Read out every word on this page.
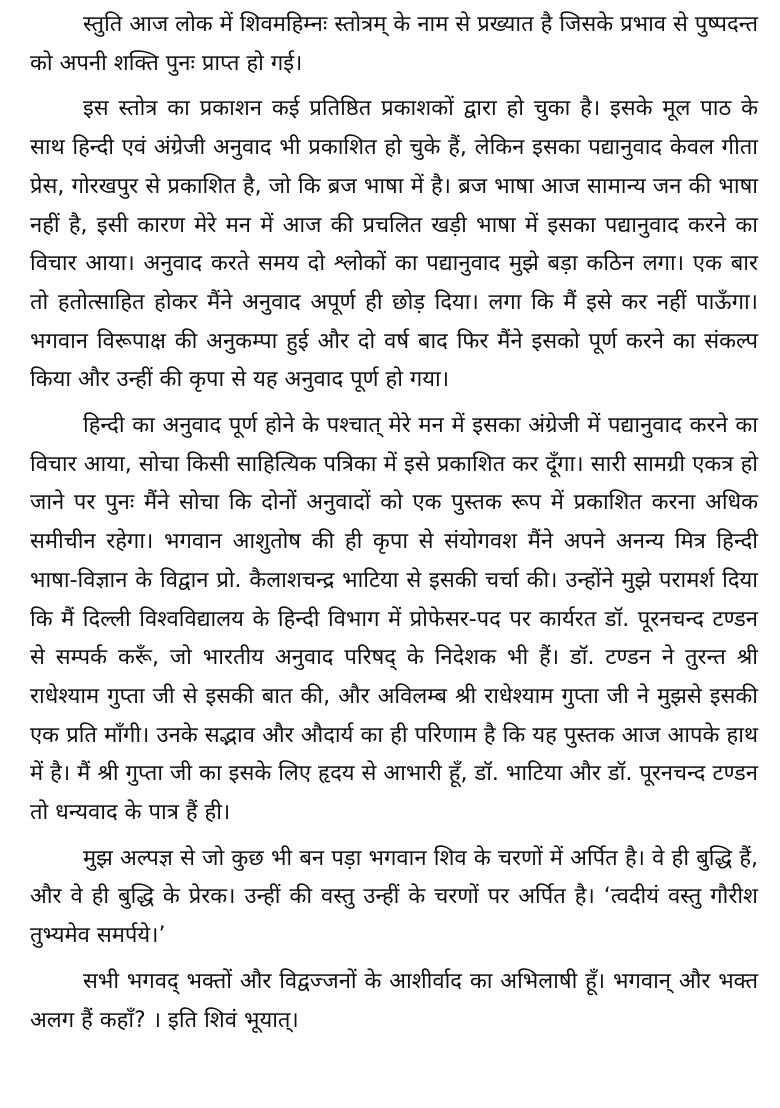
स्तुति आज लोक में शिवमहिम्नः स्तोत्रम् के नाम से प्रख्यात है जिसके प्रभाव से पुष्पदन्त को अपनी शक्ति पुनः प्राप्त हो गई।

इस स्तोत्र का प्रकाशन कई प्रतिष्ठित प्रकाशकों द्वारा हो चुका है। इसके मूल पाठ के साथ हिन्दी एवं अंग्रेजी अनुवाद भी प्रकाशित हो चुके हैं, लेकिन इसका पद्यानुवाद केवल गीता प्रेस, गोरखपुर से प्रकाशित है, जो कि ब्रज भाषा में है। ब्रज भाषा आज सामान्य जन की भाषा नहीं है, इसी कारण मेरे मन में आज की प्रचलित खड़ी भाषा में इसका पद्यानुवाद करने का विचार आया। अनुवाद करते समय दो श्लोकों का पद्यानुवाद मुझे बड़ा कठिन लगा। एक बार तो हतोत्साहित होकर मैंने अनुवाद अपूर्ण ही छोड़ दिया। लगा कि मैं इसे कर नहीं पाऊँगा। भगवान विरूपाक्ष की अनुकम्पा हुई और दो वर्ष बाद फिर मैंने इसको पूर्ण करने का संकल्प किया और उन्हीं की कृपा से यह अनुवाद पूर्ण हो गया।

हिन्दी का अनुवाद पूर्ण होने के पश्चात् मेरे मन में इसका अंग्रेजी में पद्यानुवाद करने का विचार आया, सोचा किसी साहित्यिक पत्रिका में इसे प्रकाशित कर दूँगा। सारी सामग्री एकत्र हो जाने पर पुनः मैंने सोचा कि दोनों अनुवादों को एक पुस्तक रूप में प्रकाशित करना अधिक समीचीन रहेगा। भगवान आशुतोष की ही कृपा से संयोगवश मैंने अपने अनन्य मित्र हिन्दी भाषा-विज्ञान के विद्वान प्रो. कैलाशचन्द्र भाटिया से इसकी चर्चा की। उन्होंने मुझे परामर्श दिया कि मैं दिल्ली विश्वविद्यालय के हिन्दी विभाग में प्रोफेसर-पद पर कार्यरत डॉ. पूरनचन्द टण्डन से सम्पर्क करूँ, जो भारतीय अनुवाद परिषद् के निदेशक भी हैं। डॉ. टण्डन ने तुरन्त श्री राधेश्याम गुप्ता जी से इसकी बात की, और अविलम्ब श्री राधेश्याम गुप्ता जी ने मुझसे इसकी एक प्रति माँगी। उनके सद्भाव और औदार्य का ही परिणाम है कि यह पुस्तक आज आपके हाथ में है। मैं श्री गुप्ता जी का इसके लिए हृदय से आभारी हूँ, डॉ. भाटिया और डॉ. पूरनचन्द टण्डन तो धन्यवाद के पात्र हैं ही।

मुझ अल्पज्ञ से जो कुछ भी बन पड़ा भगवान शिव के चरणों में अर्पित है। वे ही बुद्धि हैं, और वे ही बुद्धि के प्रेरक। उन्हीं की वस्तु उन्हीं के चरणों पर अर्पित है। ‘त्वदीयं वस्तु गौरीश तुभ्यमेव समर्पये।’

सभी भगवद् भक्तों और विद्वज्जनों के आशीर्वाद का अभिलाषी हूँ। भगवान् और भक्त अलग हैं कहाँ? । इति शिवं भूयात्।
